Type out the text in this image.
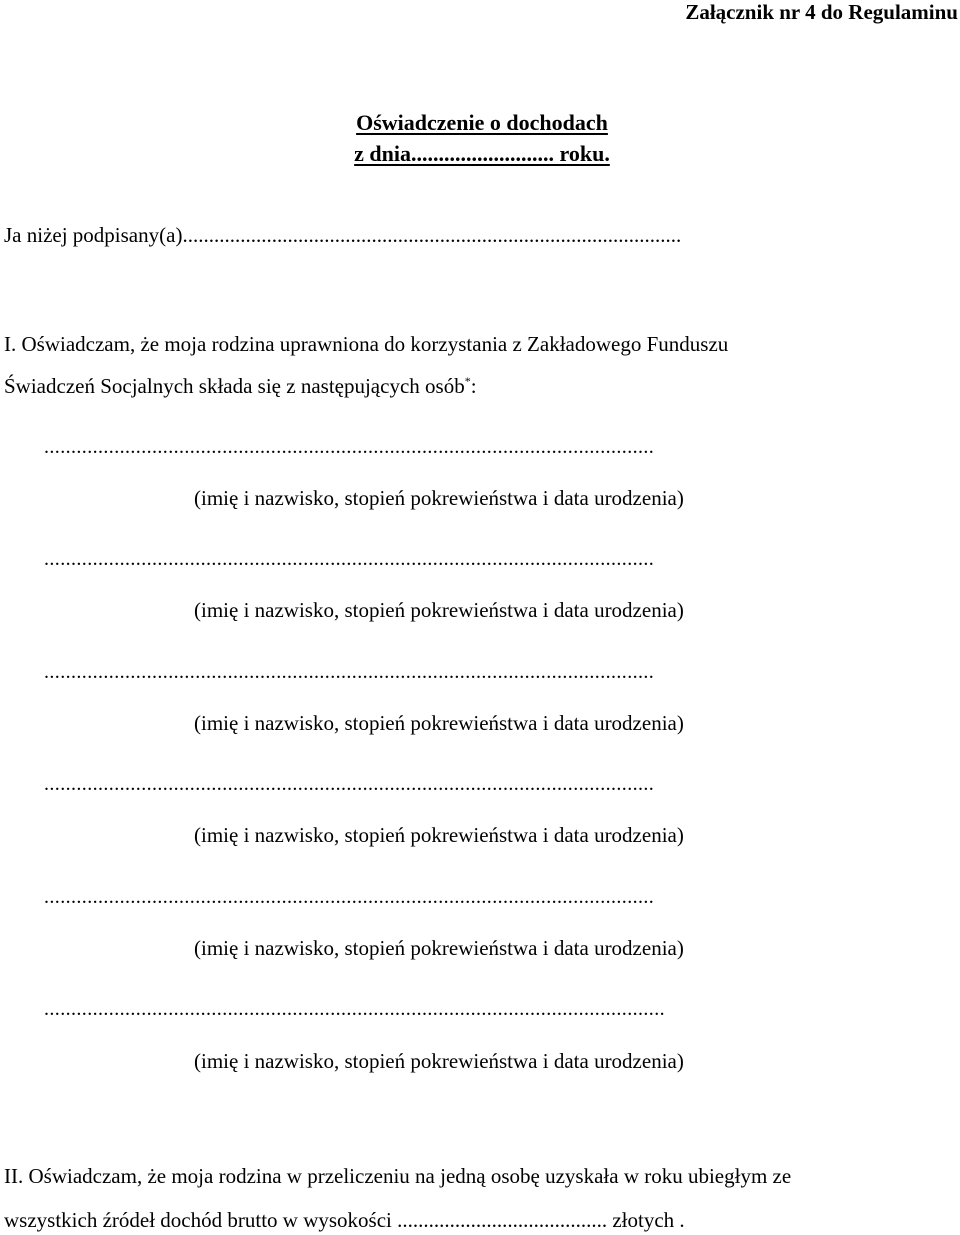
Załącznik nr 4 do Regulaminu
Oświadczenie o dochodach
z dnia.......................... roku.
Ja niżej podpisany(a)...............................................................................................
I. Oświadczam, że moja rodzina uprawniona do korzystania z Zakładowego Funduszu
Świadczeń Socjalnych składa się z następujących osób*:
.................................................................................................................
(imię i nazwisko, stopień pokrewieństwa i data urodzenia)
.................................................................................................................
(imię i nazwisko, stopień pokrewieństwa i data urodzenia)
.................................................................................................................
(imię i nazwisko, stopień pokrewieństwa i data urodzenia)
.................................................................................................................
(imię i nazwisko, stopień pokrewieństwa i data urodzenia)
.................................................................................................................
(imię i nazwisko, stopień pokrewieństwa i data urodzenia)
...................................................................................................................
(imię i nazwisko, stopień pokrewieństwa i data urodzenia)
II. Oświadczam, że moja rodzina w przeliczeniu na jedną osobę uzyskała w roku ubiegłym ze
wszystkich źródeł dochód brutto w wysokości ........................................ złotych .
